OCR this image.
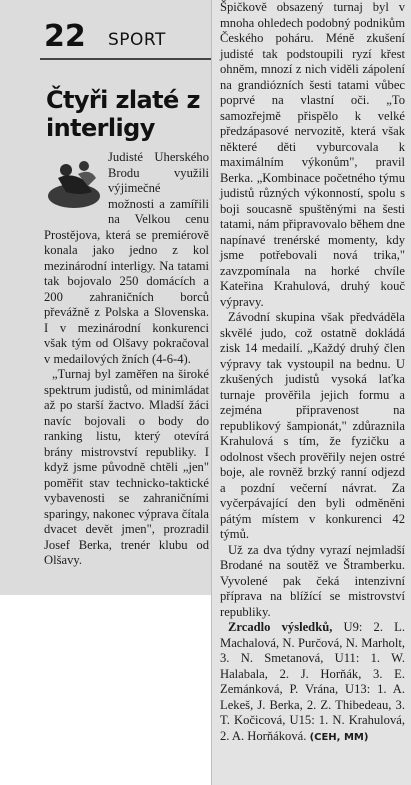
22 SPORT
Čtyři zlaté z interligy

Judisté Uherského Brodu využili výjimečné možnosti a zamířili na Velkou cenu Prostějova, která se premiérově konala jako jedno z kol mezinárodní interligy. Na tatami tak bojovalo 250 domácích a 200 zahraničních borců převážně z Polska a Slovenska. I v mezinárodní konkurenci však tým od Olšavy pokračoval v medailových žních (4-6-4).

„Turnaj byl zaměřen na široké spektrum judistů, od minimládat až po starší žactvo. Mladší žáci navíc bojovali o body do ranking listu, který otevírá brány mistrovství republiky. I když jsme původně chtěli „jen" poměřit stav technicko-taktické vybavenosti se zahraničními sparingy, nakonec výprava čítala dvacet devět jmen", prozradil Josef Berka, trenér klubu od Olšavy.

Špičkově obsazený turnaj byl v mnoha ohledech podobný podnikům Českého poháru. Méně zkušení judisté tak podstoupili ryzí křest ohněm, mnozí z nich viděli zápolení na grandiózních šesti tatami vůbec poprvé na vlastní oči. „To samozřejmě přispělo k velké předzápasové nervozitě, která však některé děti vyburcovala k maximálním výkonům", pravil Berka. „Kombinace početného týmu judistů různých výkonností, spolu s boji soucasně spuštěnými na šesti tatami, nám připravovalo během dne napínavé trenérské momenty, kdy jsme potřebovali nová trika," zavzpomínala na horké chvíle Kateřina Krahulová, druhý kouč výpravy.

Závodní skupina však předváděla skvělé judo, což ostatně dokládá zisk 14 medailí. „Každý druhý člen výpravy tak vystoupil na bednu. U zkušených judistů vysoká laťka turnaje prověřila jejich formu a zejména připravenost na republikový šampionát," zdůraznila Krahulová s tím, že fyzičku a odolnost všech prověřily nejen ostré boje, ale rovněž brzký ranní odjezd a pozdní večerní návrat. Za vyčerpávající den byli odměněni pátým místem v konkurenci 42 týmů.

Už za dva týdny vyrazí nejmladší Brodané na soutěž ve Štramberku. Vyvolené pak čeká intenzivní příprava na blížící se mistrovství republiky.

Zrcadlo výsledků, U9: 2. L. Machalová, N. Purčová, N. Marholt, 3. N. Smetanová, U11: 1. W. Halabala, 2. J. Horňák, 3. E. Zemánková, P. Vrána, U13: 1. A. Lekeš, J. Berka, 2. Z. Thibedeau, 3. T. Kočicová, U15: 1. N. Krahulová, 2. A. Horňáková. (CEH, MM)
